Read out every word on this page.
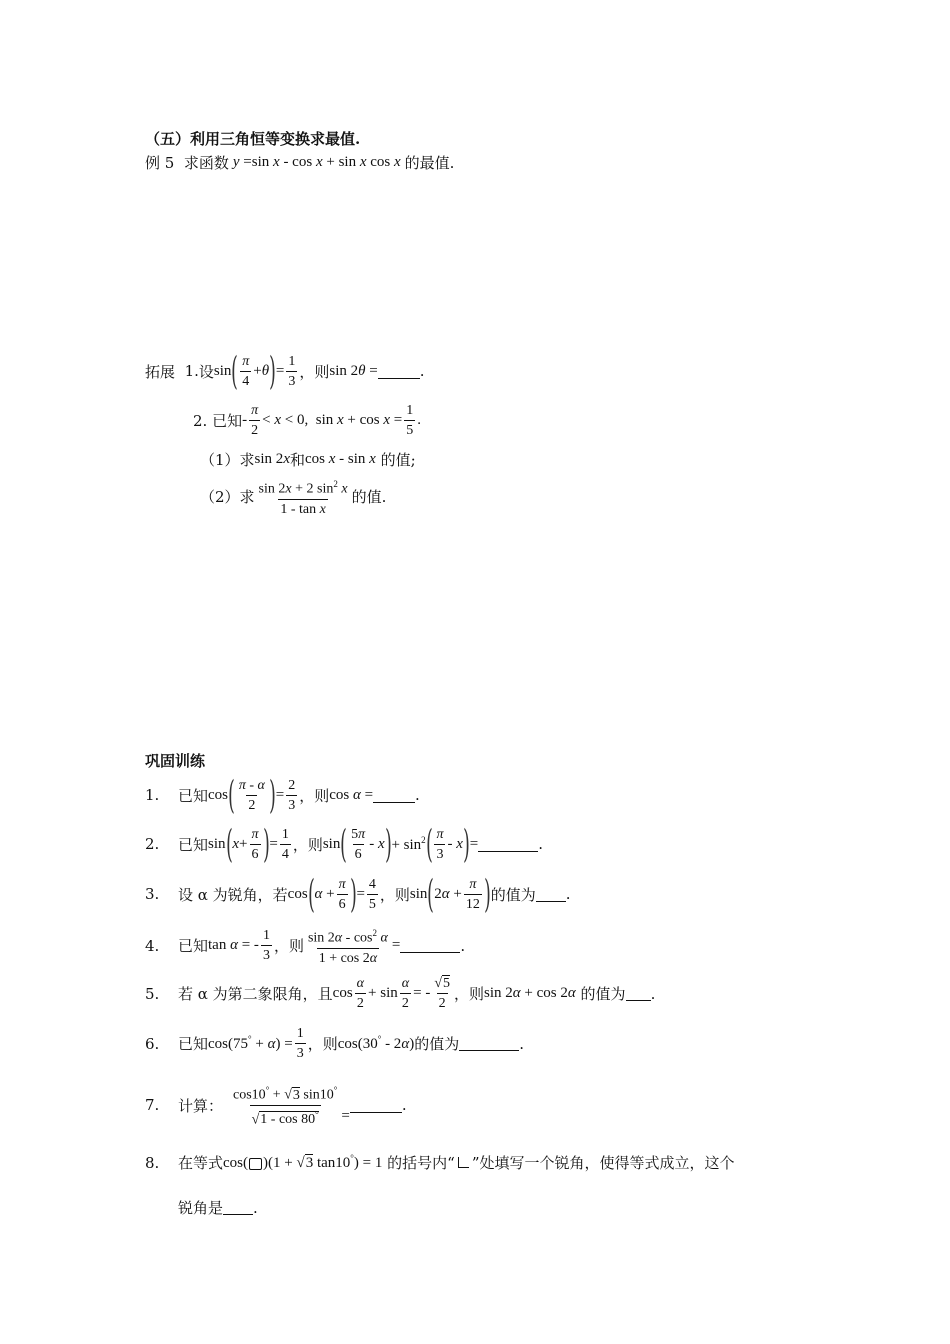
（五）利用三角恒等变换求最值.
例 5
求函数 y =sin x - cos x + sin x cos x 的最值.
拓展
1. 设 sin ( $\frac{\pi}{4} +\theta$ ) = $\frac{1}{3}$ ，则 sin 2θ =	.
2.
已知 - $\frac{\pi}{2} < x < 0$,  $\sin x + \cos x = \frac{1}{5}$ .
（1）求 sin 2x 和 cos x - sin x
的值;
（2）求 $\frac{\sin 2x + 2 \sin^2 x}{\text{1 - tan x}}$ 的值.
巩固训练
1.	已知 cos ( $\frac{\pi - \alpha}{2}$ ) = $\frac{2}{3}$ ，则 cos α =	.
2.	已知 sin ( $x + \frac{\pi}{6}$ ) = $\frac{1}{4}$ ，则 sin ( $\frac{5\pi}{6}$ - x ) + $\sin^2$ ( $\frac{\pi}{3}$ - x ) =	.
3.	设 α 为锐角，若 cos ( $\alpha + \frac{\pi}{6}$ ) = $\frac{4}{5}$ ，则 sin ( $2\alpha + \frac{\pi}{12}$ ) 的值为 .
4.	已知 tan α = - $\frac{1}{3}$ ，则 $\frac{\sin 2\alpha - \cos^2 \alpha}{1 + \cos 2\alpha}$ =	.
5.	若 α 为第二象限角，且 $\cos \frac{\alpha}{2} + \sin \frac{\alpha}{2}$ = - $\frac{√5}{2}$ ，则 sin 2α + cos 2α
的值为 .
6.	已知 $\cos(75^\circ + \alpha) = \frac{1}{3}$ ，则 cos(30° - 2α) 的值为	.
7.	计算： $\frac{\cos 10^\circ + √3 \sin 10^\circ}{√1 - \cos 80^\circ}$ =
.
8.	在等式 cos( )(1 + √3 tan10°) = 1
的括号内“ ”处填写一个锐角，使得等式成立，这个
锐角是 .
